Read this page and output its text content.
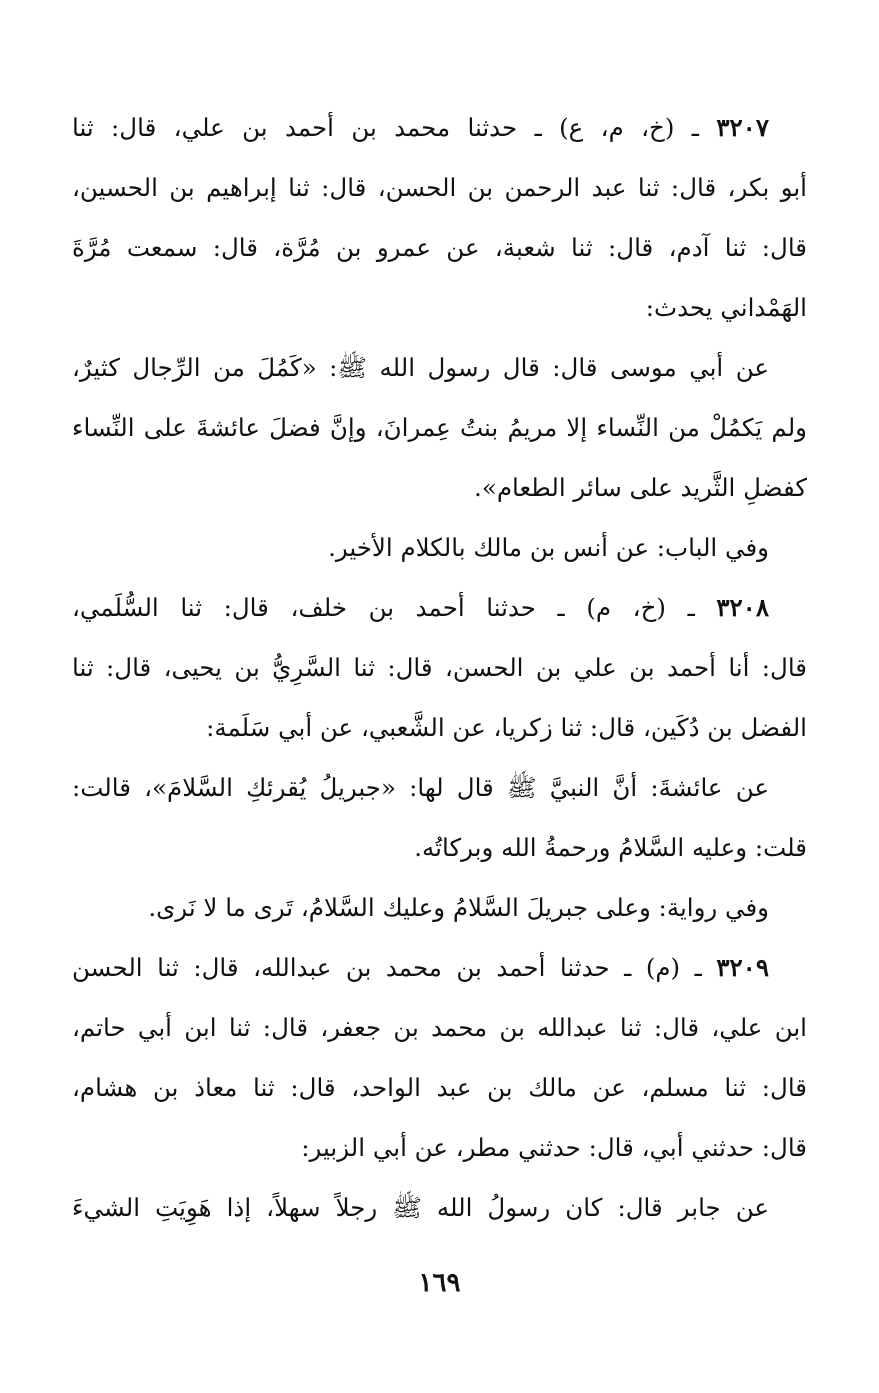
٣٢٠٧ ـ (خ، م، ع) ـ حدثنا محمد بن أحمد بن علي، قال: ثنا
أبو بكر، قال: ثنا عبد الرحمن بن الحسن، قال: ثنا إبراهيم بن الحسين،
قال: ثنا آدم، قال: ثنا شعبة، عن عمرو بن مُرَّة، قال: سمعت مُرَّةَ
الهَمْداني يحدث:
عن أبي موسى قال: قال رسول الله ﷺ: «كَمُلَ من الرِّجال كثيرٌ،
ولم يَكمُلْ من النِّساء إلا مريمُ بنتُ عِمرانَ، وإنَّ فضلَ عائشةَ على النِّساء
كفضلِ الثَّريد على سائر الطعام».
وفي الباب: عن أنس بن مالك بالكلام الأخير.
٣٢٠٨ ـ (خ، م) ـ حدثنا أحمد بن خلف، قال: ثنا السُّلَمي،
قال: أنا أحمد بن علي بن الحسن، قال: ثنا السَّرِيُّ بن يحيى، قال: ثنا
الفضل بن دُكَين، قال: ثنا زكريا، عن الشَّعبي، عن أبي سَلَمة:
عن عائشةَ: أنَّ النبيَّ ﷺ قال لها: «جبريلُ يُقرئكِ السَّلامَ»، قالت:
قلت: وعليه السَّلامُ ورحمةُ الله وبركاتُه.
وفي رواية: وعلى جبريلَ السَّلامُ وعليك السَّلامُ، تَرى ما لا نَرى.
٣٢٠٩ ـ (م) ـ حدثنا أحمد بن محمد بن عبدالله، قال: ثنا الحسن
ابن علي، قال: ثنا عبدالله بن محمد بن جعفر، قال: ثنا ابن أبي حاتم،
قال: ثنا مسلم، عن مالك بن عبد الواحد، قال: ثنا معاذ بن هشام،
قال: حدثني أبي، قال: حدثني مطر، عن أبي الزبير:
عن جابر قال: كان رسولُ الله ﷺ رجلاً سهلاً، إذا هَوِيَتِ الشيءَ
١٦٩
